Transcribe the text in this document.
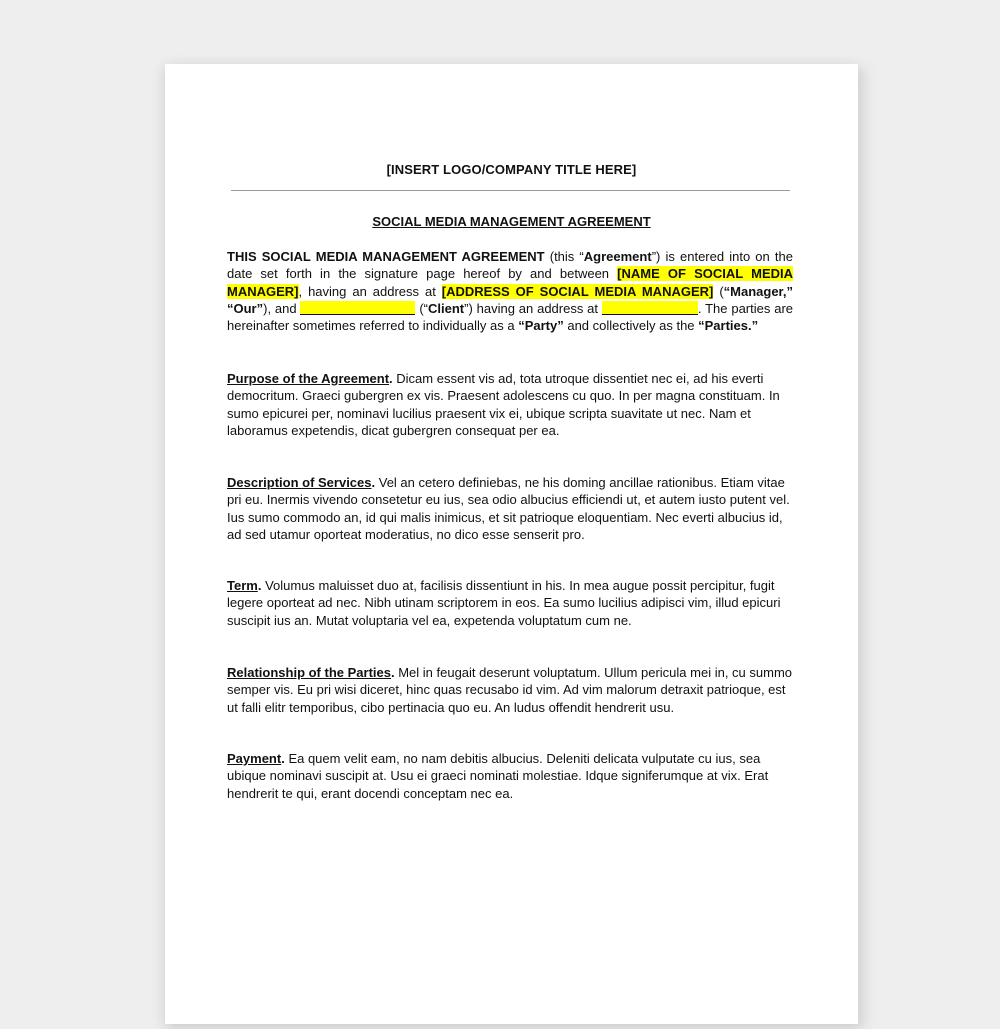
[INSERT LOGO/COMPANY TITLE HERE]
SOCIAL MEDIA MANAGEMENT AGREEMENT

THIS SOCIAL MEDIA MANAGEMENT AGREEMENT (this “Agreement”) is entered into on the date set forth in the signature page hereof by and between [NAME OF SOCIAL MEDIA MANAGER], having an address at [ADDRESS OF SOCIAL MEDIA MANAGER] (“Manager,” “Our”), and	(“Client”) having an address at	. The parties are hereinafter sometimes referred to individually as a “Party” and collectively as the “Parties.”

Purpose of the Agreement. Dicam essent vis ad, tota utroque dissentiet nec ei, ad his everti democritum. Graeci gubergren ex vis. Praesent adolescens cu quo. In per magna constituam. In sumo epicurei per, nominavi lucilius praesent vix ei, ubique scripta suavitate ut nec. Nam et laboramus expetendis, dicat gubergren consequat per ea.

Description of Services. Vel an cetero definiebas, ne his doming ancillae rationibus. Etiam vitae pri eu. Inermis vivendo consetetur eu ius, sea odio albucius efficiendi ut, et autem iusto putent vel. Ius sumo commodo an, id qui malis inimicus, et sit patrioque eloquentiam. Nec everti albucius id, ad sed utamur oporteat moderatius, no dico esse senserit pro.

Term. Volumus maluisset duo at, facilisis dissentiunt in his. In mea augue possit percipitur, fugit legere oporteat ad nec. Nibh utinam scriptorem in eos. Ea sumo lucilius adipisci vim, illud epicuri suscipit ius an. Mutat voluptaria vel ea, expetenda voluptatum cum ne.

Relationship of the Parties. Mel in feugait deserunt voluptatum. Ullum pericula mei in, cu summo semper vis. Eu pri wisi diceret, hinc quas recusabo id vim. Ad vim malorum detraxit patrioque, est ut falli elitr temporibus, cibo pertinacia quo eu. An ludus offendit hendrerit usu.

Payment. Ea quem velit eam, no nam debitis albucius. Deleniti delicata vulputate cu ius, sea ubique nominavi suscipit at. Usu ei graeci nominati molestiae. Idque signiferumque at vix. Erat hendrerit te qui, erant docendi conceptam nec ea.
